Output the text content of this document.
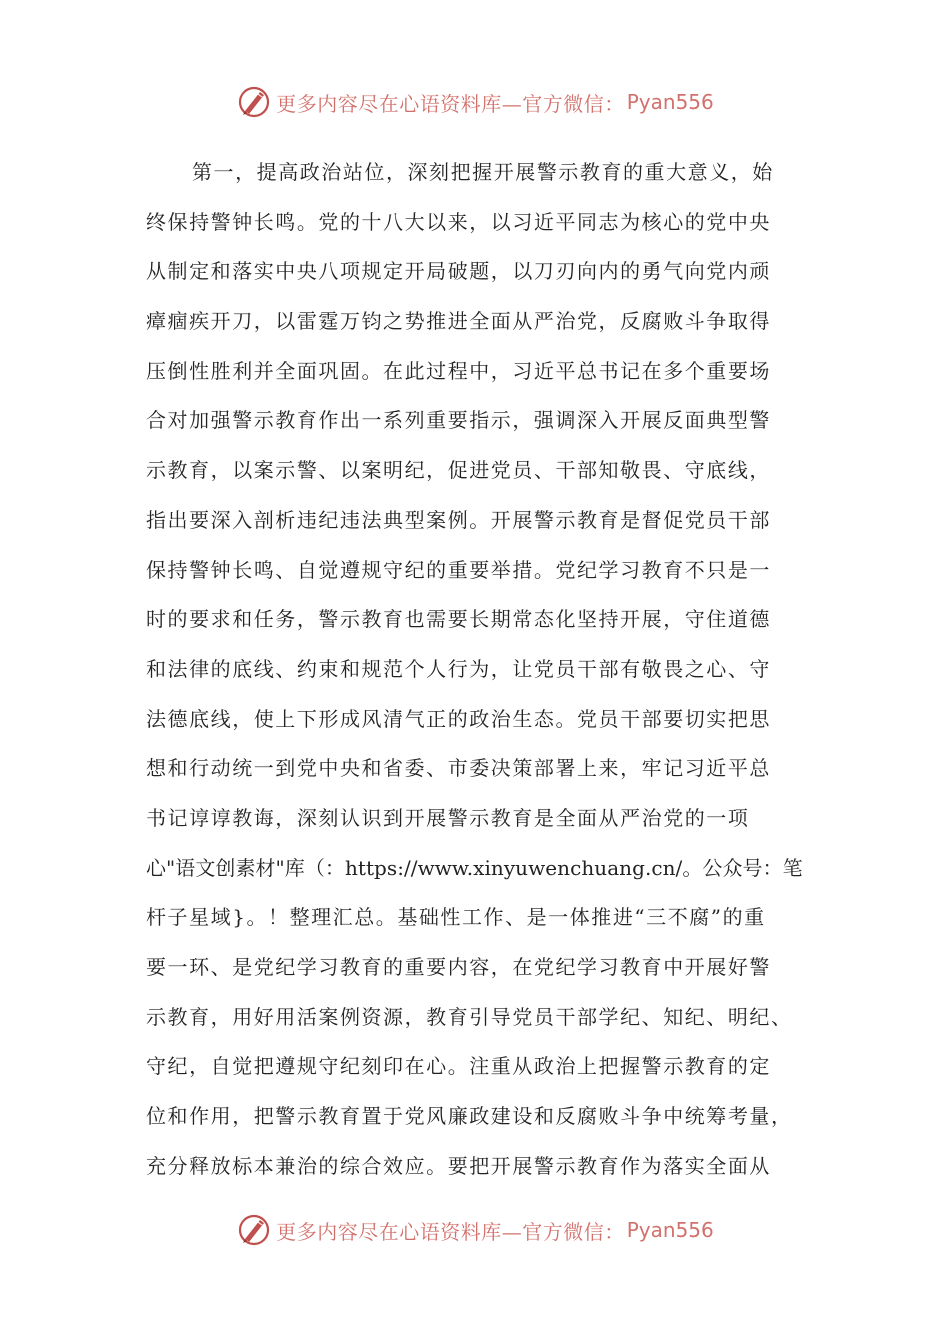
更多内容尽在心语资料库—官方微信： Pyan556
第一，提高政治站位，深刻把握开展警示教育的重大意义，始
终保持警钟长鸣。党的十八大以来，以习近平同志为核心的党中央
从制定和落实中央八项规定开局破题，以刀刃向内的勇气向党内顽
瘴痼疾开刀，以雷霆万钧之势推进全面从严治党，反腐败斗争取得
压倒性胜利并全面巩固。在此过程中，习近平总书记在多个重要场
合对加强警示教育作出一系列重要指示，强调深入开展反面典型警
示教育，以案示警、以案明纪，促进党员、干部知敬畏、守底线，
指出要深入剖析违纪违法典型案例。开展警示教育是督促党员干部
保持警钟长鸣、自觉遵规守纪的重要举措。党纪学习教育不只是一
时的要求和任务，警示教育也需要长期常态化坚持开展，守住道德
和法律的底线、约束和规范个人行为，让党员干部有敬畏之心、守
法德底线，使上下形成风清气正的政治生态。党员干部要切实把思
想和行动统一到党中央和省委、市委决策部署上来，牢记习近平总
书记谆谆教诲，深刻认识到开展警示教育是全面从严治党的一项
心"语文创素材"库（：https://www.xinyuwenchuang.cn/。公众号：笔
杆子星域}。！整理汇总。基础性工作、是一体推进“三不腐”的重
要一环、是党纪学习教育的重要内容，在党纪学习教育中开展好警
示教育，用好用活案例资源，教育引导党员干部学纪、知纪、明纪、
守纪，自觉把遵规守纪刻印在心。注重从政治上把握警示教育的定
位和作用，把警示教育置于党风廉政建设和反腐败斗争中统筹考量，
充分释放标本兼治的综合效应。要把开展警示教育作为落实全面从
更多内容尽在心语资料库—官方微信： Pyan556
